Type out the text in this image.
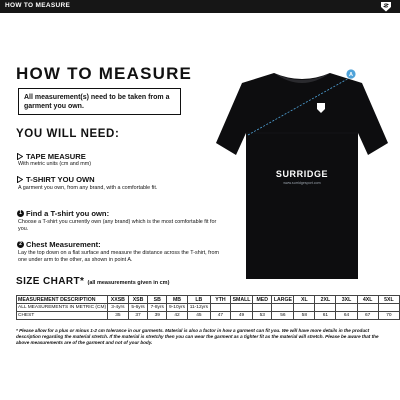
HOW TO MEASURE
HOW TO MEASURE
All measurement(s) need to be taken from a garment you own.
YOU WILL NEED:
TAPE MEASURE
With metric units (cm and mm)
T-SHIRT YOU OWN
A garment you own, from any brand, with a comfortable fit.
1 Find a T-shirt you own:
Choose a T-shirt you currently own (any brand) which is the most comfortable fit for you.
2 Chest Measurement:
Lay the top down on a flat surface and measure the distance across the T-shirt, from one under arm to the other, as shown in point A.
SURRIDGE
www.surridgesport.com
A
SIZE CHART* (all measurements given in cm)
MEASUREMENT DESCRIPTION	XXSB	XSB	SB	MB	LB	YTH	SMALL	MED	LARGE	XL	2XL	3XL	4XL	5XL
ALL MEASUREMENTS IN METRIC (CM)	3-4yrs	5-6yrs	7-8yrs	9-10yrs	11-12yrs									
CHEST	35	37	39	42	45	47	49	53	56	58	61	64	67	70
* Please allow for a plus or minus 1-2 cm tolerance in our garments. Material is also a factor in how a garment can fit you. We will have more details in the product description regarding the material stretch. If the material is stretchy then you can wear the garment as a tighter fit as the material will stretch. Please be aware that the above measurements are of the garment and not of your body.
